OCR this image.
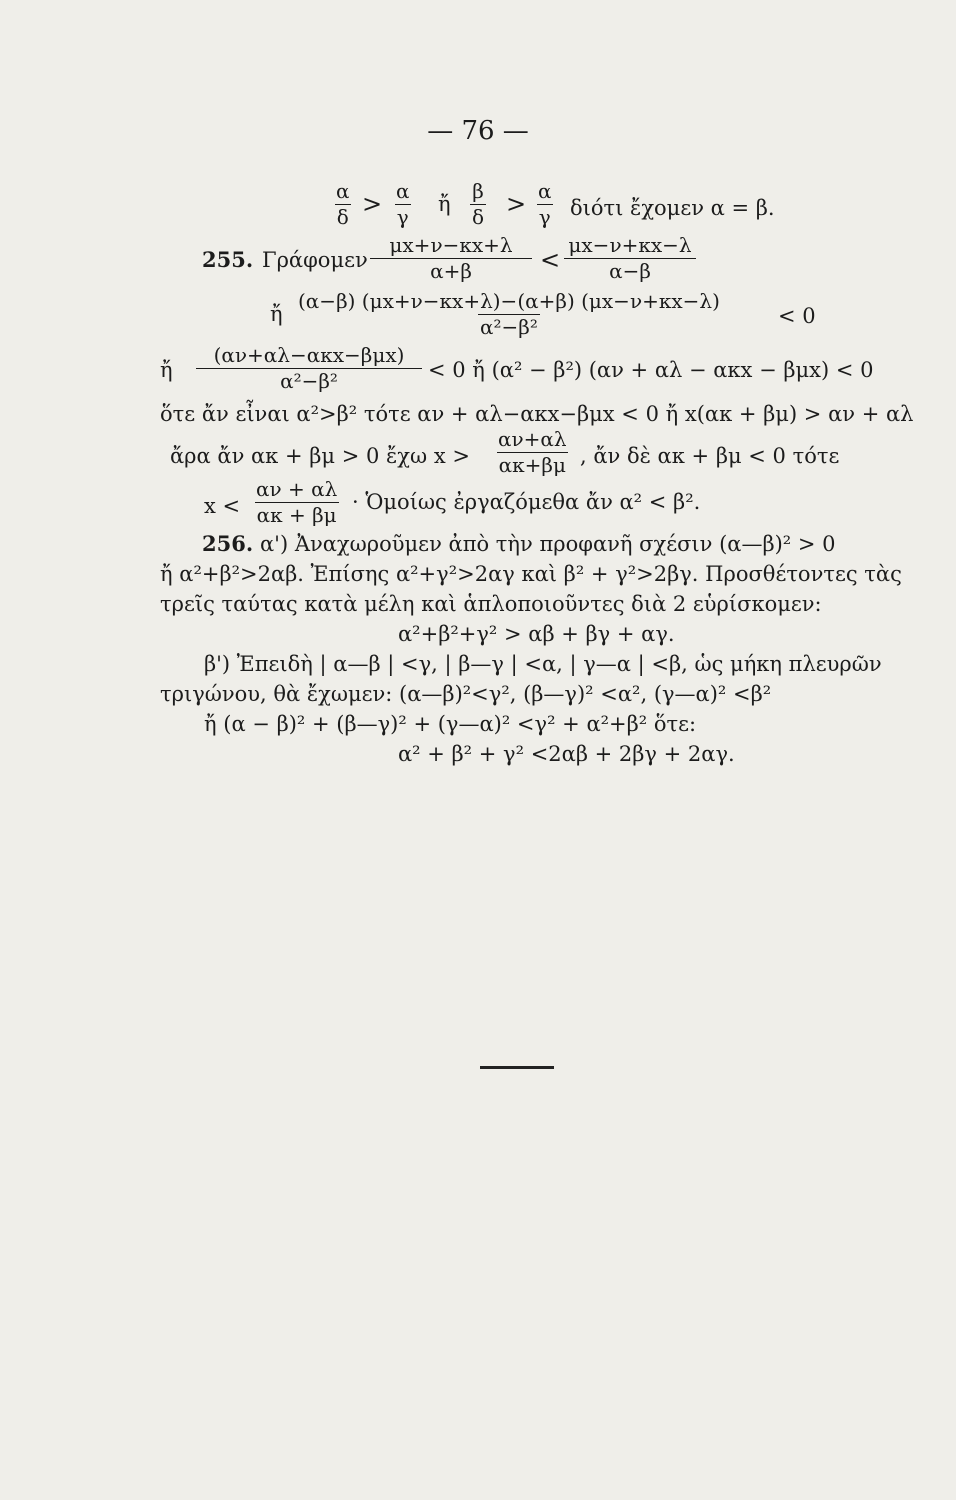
— 76 —
$\frac{\alpha}{\delta} > \frac{\alpha}{\gamma}$ ἤ $\frac{\beta}{\delta} > \frac{\alpha}{\gamma}$ διότι ἔχομεν α = β.
255. Γράφομεν $\frac{\mu x+\nu-\kappa x+\lambda}{\alpha+\beta} < \frac{\mu x-\nu+\kappa x-\lambda}{\alpha-\beta}$
ἤ $\frac{(\alpha-\beta) (\mu x+\nu-\kappa x+\lambda)-(\alpha+\beta) (\mu x-\nu+\kappa x-\lambda)}{\text{α²−β²}}$	< 0
ἤ
(αν+αλ−ακx−βμx)
α²−β²	< 0 ἤ (α² − β²) (αν + αλ − ακx − βμx) < 0
ὅτε ἄν εἶναι α²>β² τότε αν + αλ−ακx−βμx < 0 ἤ x(ακ + βμ) > αν + αλ
ἄρα ἄν ακ + βμ > 0 ἔχω $x > \frac{\alpha\nu+\alpha\lambda}{\alpha\kappa+\beta\mu}$ , ἄν δὲ ακ + βμ < 0 τότε
$x < \frac{\alpha\nu + \alpha\lambda}{\alpha\kappa + \beta\mu}$ · Ὁμοίως ἐργαζόμεθα ἄν α² < β².
256. α') Ἀναχωροῦμεν ἀπὸ τὴν προφανῆ σχέσιν (α—β)² > 0
ἤ α²+β²>2αβ. Ἐπίσης α²+γ²>2αγ καὶ β² + γ²>2βγ. Προσθέτοντες τὰς
τρεῖς ταύτας κατὰ μέλη καὶ ἁπλοποιοῦντες διὰ 2 εὑρίσκομεν:
α²+β²+γ² > αβ + βγ + αγ.
β') Ἐπειδὴ | α—β | <γ, | β—γ | <α, | γ—α | <β, ὡς μήκη πλευρῶν
τριγώνου, θὰ ἔχωμεν: (α—β)²<γ², (β—γ)² <α², (γ—α)² <β²
ἤ (α − β)² + (β—γ)² + (γ—α)² <γ² + α²+β² ὅτε:
α² + β² + γ² <2αβ + 2βγ + 2αγ.
